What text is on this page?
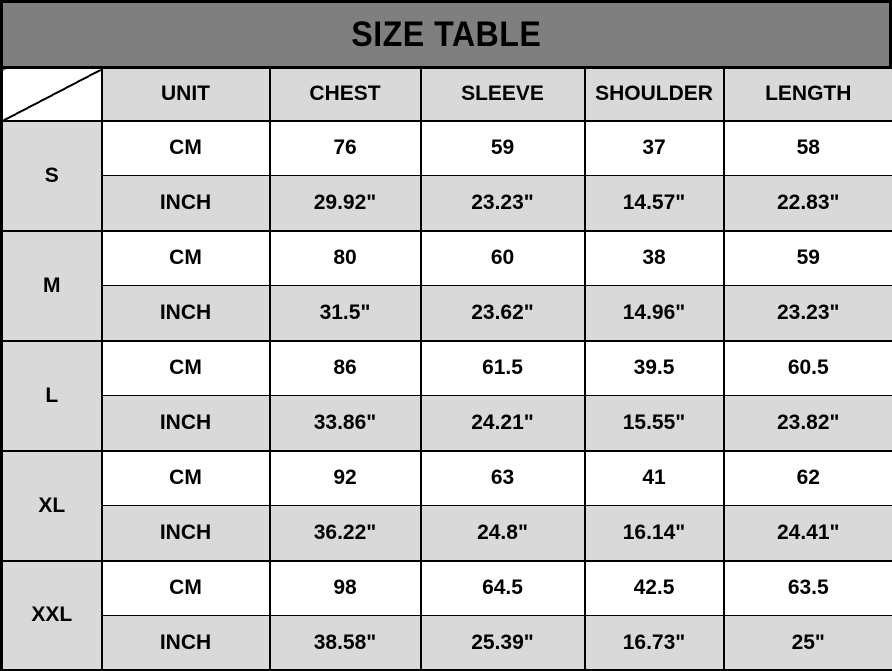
SIZE TABLE
	UNIT	CHEST	SLEEVE	SHOULDER	LENGTH
S	CM	76	59	37	58
	INCH	29.92"	23.23"	14.57"	22.83"
M	CM	80	60	38	59
	INCH	31.5"	23.62"	14.96"	23.23"
L	CM	86	61.5	39.5	60.5
	INCH	33.86"	24.21"	15.55"	23.82"
XL	CM	92	63	41	62
	INCH	36.22"	24.8"	16.14"	24.41"
XXL	CM	98	64.5	42.5	63.5
	INCH	38.58"	25.39"	16.73"	25"
